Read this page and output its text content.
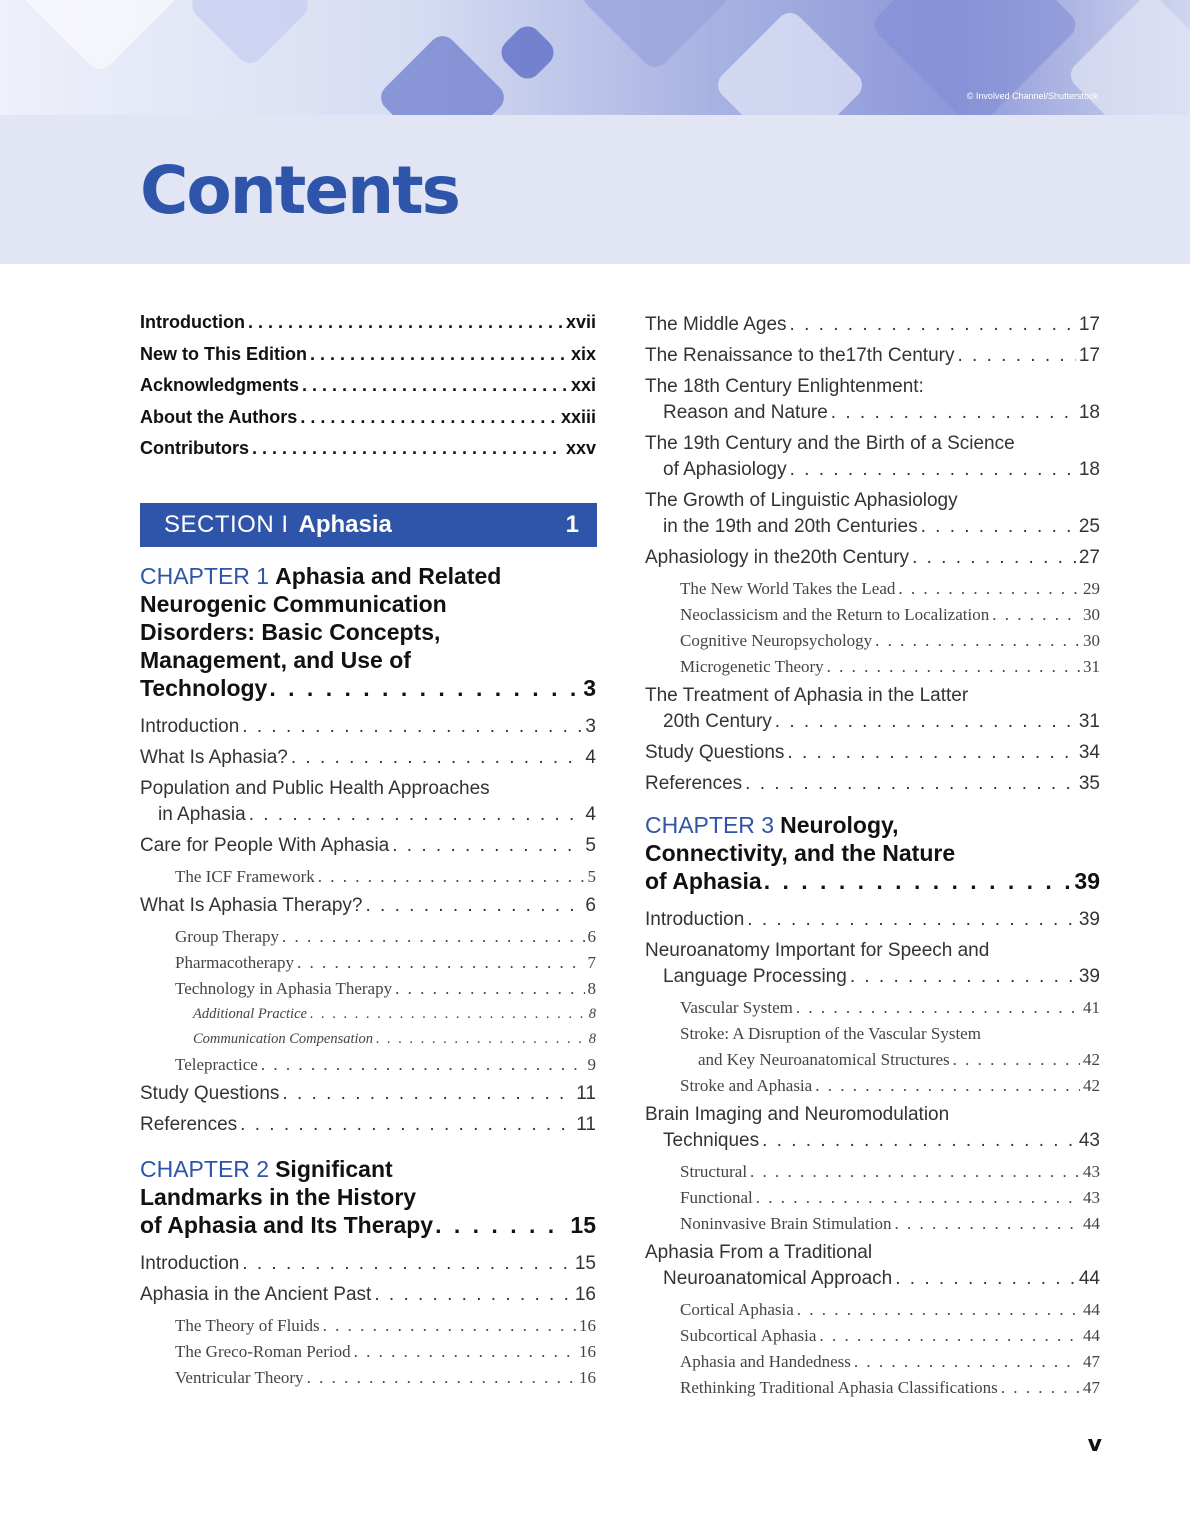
© Involved Channel/Shutterstock
Contents
Introduction . . .	xvii
New to This Edition . . .	xix
Acknowledgments . . .	xxi
About the Authors . . .	xxiii
Contributors . . .	xxv
SECTION I Aphasia	1
CHAPTER 1 Aphasia and Related
Neurogenic Communication
Disorders: Basic Concepts,
Management, and Use of
Technology . . .	3
Introduction . . .	3
What Is Aphasia? . . .	4
Population and Public Health Approaches
in Aphasia . . .	4
Care for People With Aphasia . . .	5
The ICF Framework . . .	5
What Is Aphasia Therapy? . . .	6
Group Therapy . . .	6
Pharmacotherapy . . .	7
Technology in Aphasia Therapy . . .	8
Additional Practice . . .	8
Communication Compensation . . .	8
Telepractice . . .	9
Study Questions . . .	11
References . . .	11
CHAPTER 2 Significant
Landmarks in the History
of Aphasia and Its Therapy . . .	15
Introduction . . .	15
Aphasia in the Ancient Past . . .	16
The Theory of Fluids . . .	16
The Greco-Roman Period . . .	16
Ventricular Theory . . .	16
The Middle Ages . . .	17
The Renaissance to the17th Century . . .	17
The 18th Century Enlightenment:
Reason and Nature . . .	18
The 19th Century and the Birth of a Science
of Aphasiology . . .	18
The Growth of Linguistic Aphasiology
in the 19th and 20th Centuries . . .	25
Aphasiology in the20th Century . . .	27
The New World Takes the Lead . . .	29
Neoclassicism and the Return to Localization . . .	30
Cognitive Neuropsychology . . .	30
Microgenetic Theory . . .	31
The Treatment of Aphasia in the Latter
20th Century . . .	31
Study Questions . . .	34
References . . .	35
CHAPTER 3 Neurology,
Connectivity, and the Nature
of Aphasia . . .	39
Introduction . . .	39
Neuroanatomy Important for Speech and
Language Processing . . .	39
Vascular System . . .	41
Stroke: A Disruption of the Vascular System
and Key Neuroanatomical Structures . . .	42
Stroke and Aphasia . . .	42
Brain Imaging and Neuromodulation
Techniques . . .	43
Structural . . .	43
Functional . . .	43
Noninvasive Brain Stimulation . . .	44
Aphasia From a Traditional
Neuroanatomical Approach . . .	44
Cortical Aphasia . . .	44
Subcortical Aphasia . . .	44
Aphasia and Handedness . . .	47
Rethinking Traditional Aphasia Classifications . . .	47
v
